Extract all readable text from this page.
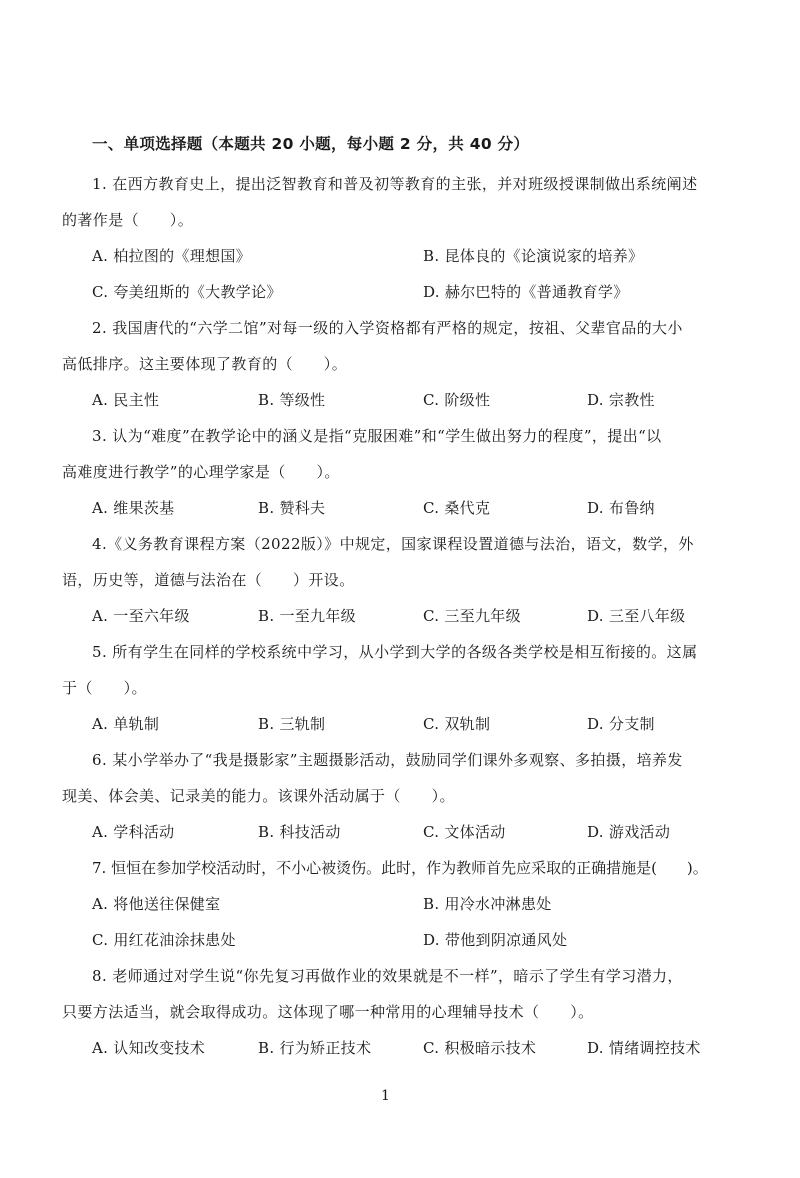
一、单项选择题（本题共 20 小题，每小题 2 分，共 40 分）
1. 在西方教育史上，提出泛智教育和普及初等教育的主张，并对班级授课制做出系统阐述
的著作是（　　）。
A. 柏拉图的《理想国》	B. 昆体良的《论演说家的培养》
C. 夸美纽斯的《大教学论》	D. 赫尔巴特的《普通教育学》
2. 我国唐代的“六学二馆”对每一级的入学资格都有严格的规定，按祖、父辈官品的大小
高低排序。这主要体现了教育的（　　）。
A. 民主性	B. 等级性	C. 阶级性	D. 宗教性
3. 认为“难度”在教学论中的涵义是指“克服困难”和“学生做出努力的程度”，提出“以
高难度进行教学”的心理学家是（　　）。
A. 维果茨基	B. 赞科夫	C. 桑代克	D. 布鲁纳
4.《义务教育课程方案（2022版）》中规定，国家课程设置道德与法治，语文，数学，外
语，历史等，道德与法治在（　　）开设。
A. 一至六年级	B. 一至九年级	C. 三至九年级	D. 三至八年级
5. 所有学生在同样的学校系统中学习，从小学到大学的各级各类学校是相互衔接的。这属
于（　　）。
A. 单轨制	B. 三轨制	C. 双轨制	D. 分支制
6. 某小学举办了“我是摄影家”主题摄影活动，鼓励同学们课外多观察、多拍摄，培养发
现美、体会美、记录美的能力。该课外活动属于（　　）。
A. 学科活动	B. 科技活动	C. 文体活动	D. 游戏活动
7. 恒恒在参加学校活动时，不小心被烫伤。此时，作为教师首先应采取的正确措施是(　　)。
A. 将他送往保健室	B. 用冷水冲淋患处
C. 用红花油涂抹患处	D. 带他到阴凉通风处
8. 老师通过对学生说“你先复习再做作业的效果就是不一样”，暗示了学生有学习潜力，
只要方法适当，就会取得成功。这体现了哪一种常用的心理辅导技术（　　）。
A. 认知改变技术	B. 行为矫正技术	C. 积极暗示技术	D. 情绪调控技术
1
